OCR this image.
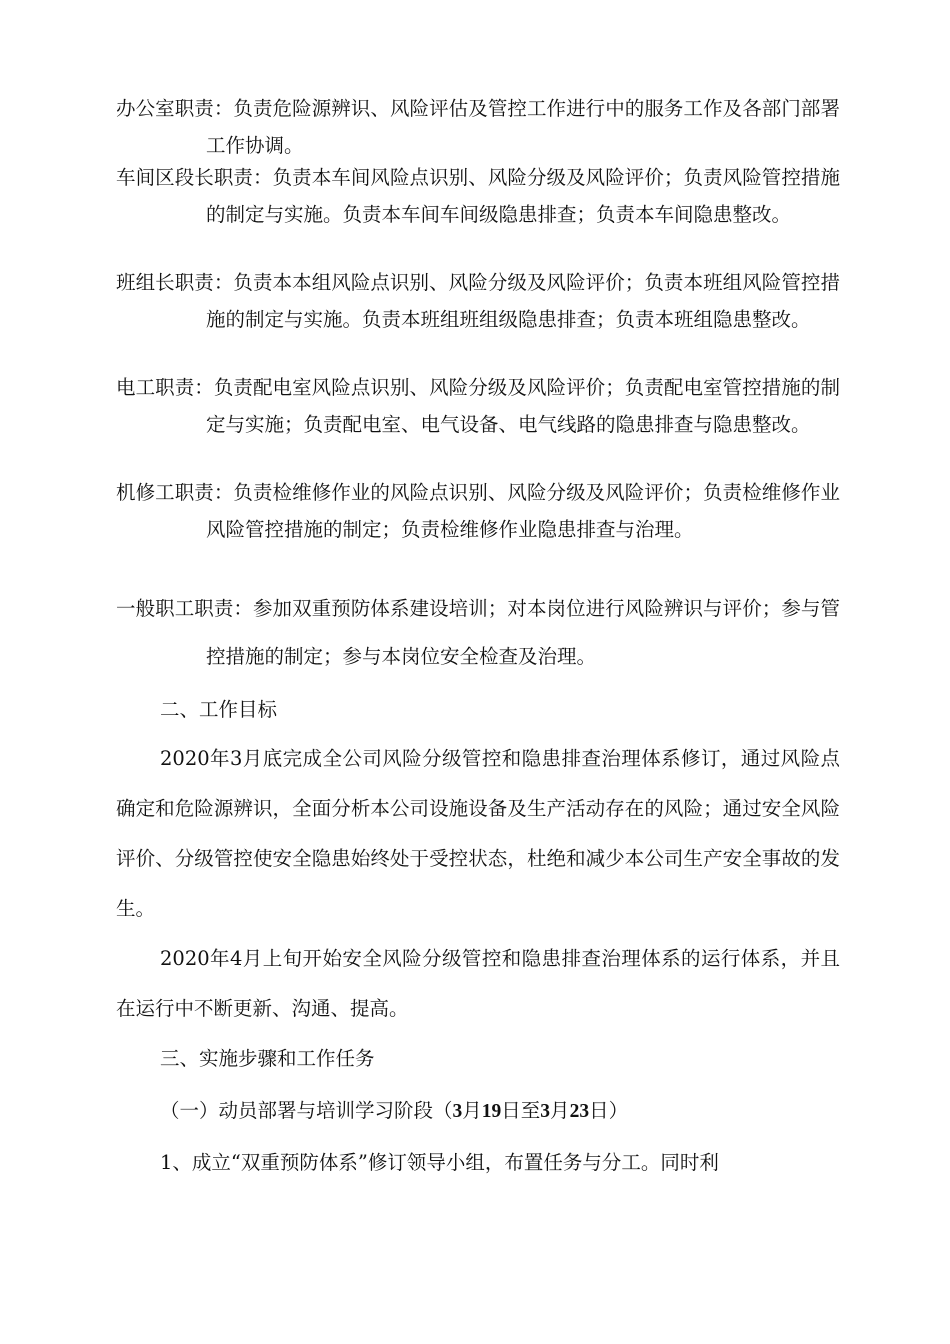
办公室职责：负责危险源辨识、风险评估及管控工作进行中的服务工作及各部门部署工作协调。
车间区段长职责：负责本车间风险点识别、风险分级及风险评价；负责风险管控措施的制定与实施。负责本车间车间级隐患排查；负责本车间隐患整改。
班组长职责：负责本本组风险点识别、风险分级及风险评价；负责本班组风险管控措施的制定与实施。负责本班组班组级隐患排查；负责本班组隐患整改。
电工职责：负责配电室风险点识别、风险分级及风险评价；负责配电室管控措施的制定与实施；负责配电室、电气设备、电气线路的隐患排查与隐患整改。
机修工职责：负责检维修作业的风险点识别、风险分级及风险评价；负责检维修作业风险管控措施的制定；负责检维修作业隐患排查与治理。
一般职工职责：参加双重预防体系建设培训；对本岗位进行风险辨识与评价；参与管控措施的制定；参与本岗位安全检查及治理。
二、工作目标
2020年3月底完成全公司风险分级管控和隐患排查治理体系修订，通过风险点确定和危险源辨识，全面分析本公司设施设备及生产活动存在的风险；通过安全风险评价、分级管控使安全隐患始终处于受控状态，杜绝和减少本公司生产安全事故的发生。
2020年4月上旬开始安全风险分级管控和隐患排查治理体系的运行体系，并且在运行中不断更新、沟通、提高。
三、实施步骤和工作任务
（一）动员部署与培训学习阶段（3月19日至3月23日）
1、成立“双重预防体系”修订领导小组，布置任务与分工。同时利
